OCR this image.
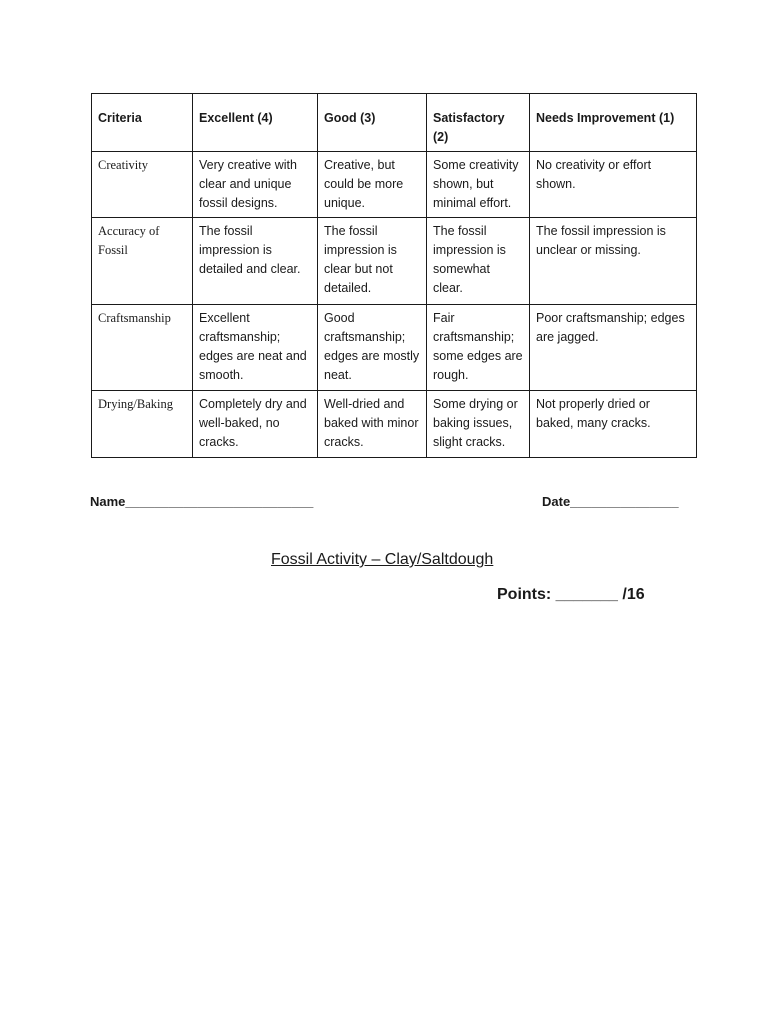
Criteria	Excellent (4)	Good (3)	Satisfactory (2)	Needs Improvement (1)
Creativity	Very creative with clear and unique fossil designs.	Creative, but could be more unique.	Some creativity shown, but minimal effort.	No creativity or effort shown.
Accuracy of Fossil	The fossil impression is detailed and clear.	The fossil impression is clear but not detailed.	The fossil impression is somewhat clear.	The fossil impression is unclear or missing.
Craftsmanship	Excellent craftsmanship; edges are neat and smooth.	Good craftsmanship; edges are mostly neat.	Fair craftsmanship; some edges are rough.	Poor craftsmanship; edges are jagged.
Drying/Baking	Completely dry and well-baked, no cracks.	Well-dried and baked with minor cracks.	Some drying or baking issues, slight cracks.	Not properly dried or baked, many cracks.
Name__________________________	Date_______________
Fossil Activity – Clay/Saltdough
Points: _______ /16
